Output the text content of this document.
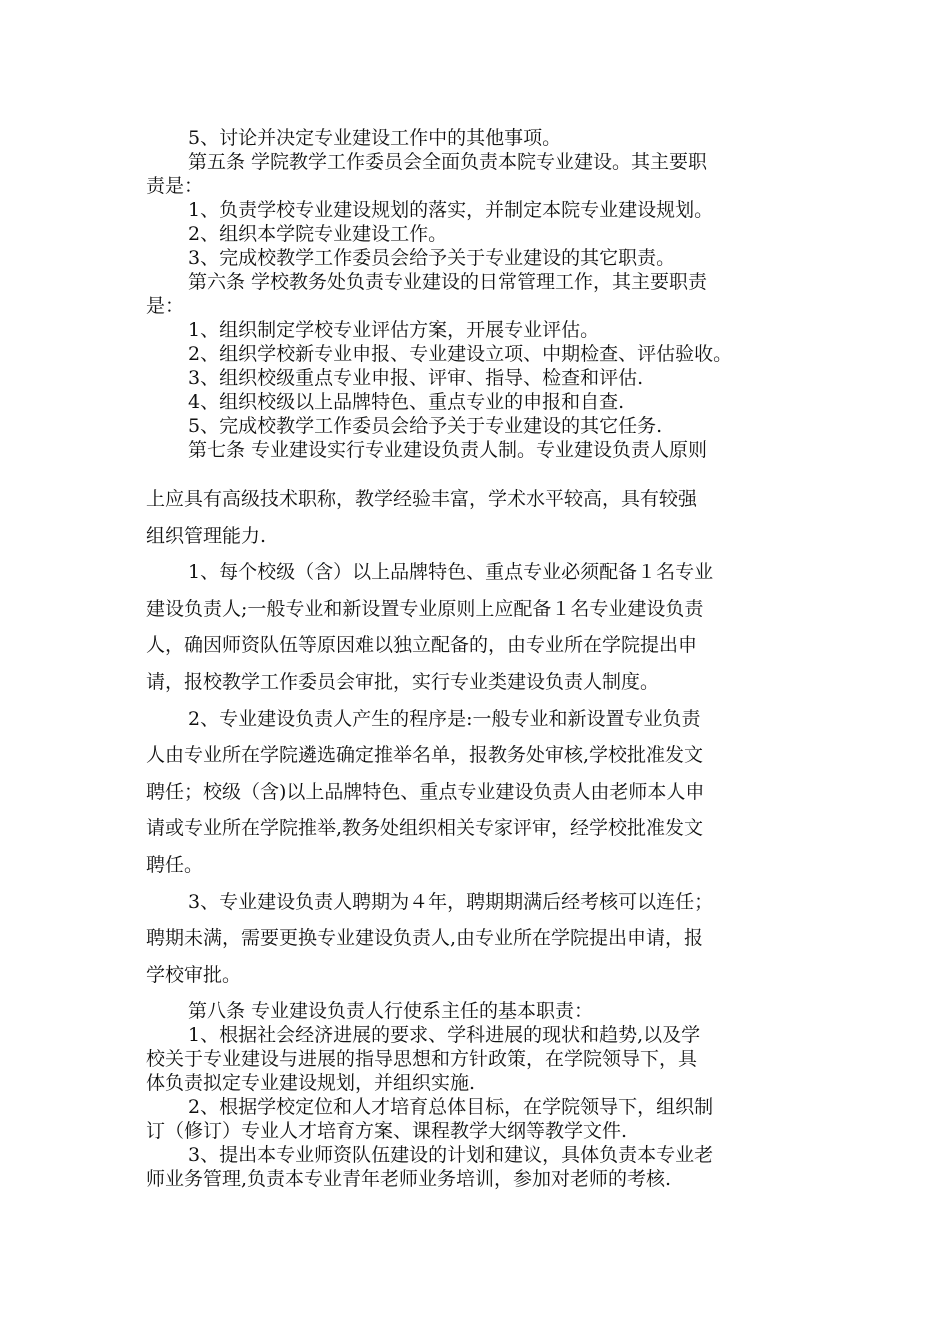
5、讨论并决定专业建设工作中的其他事项。
第五条 学院教学工作委员会全面负责本院专业建设。其主要职
责是：
1、负责学校专业建设规划的落实，并制定本院专业建设规划。
2、组织本学院专业建设工作。
3、完成校教学工作委员会给予关于专业建设的其它职责。
第六条 学校教务处负责专业建设的日常管理工作，其主要职责
是：
1、组织制定学校专业评估方案，开展专业评估。
2、组织学校新专业申报、专业建设立项、中期检查、评估验收。
3、组织校级重点专业申报、评审、指导、检查和评估.
4、组织校级以上品牌特色、重点专业的申报和自查.
5、完成校教学工作委员会给予关于专业建设的其它任务.
第七条 专业建设实行专业建设负责人制。专业建设负责人原则
上应具有高级技术职称，教学经验丰富，学术水平较高，具有较强
组织管理能力.
1、每个校级（含）以上品牌特色、重点专业必须配备１名专业
建设负责人;一般专业和新设置专业原则上应配备１名专业建设负责
人，确因师资队伍等原因难以独立配备的，由专业所在学院提出申
请，报校教学工作委员会审批，实行专业类建设负责人制度。
2、专业建设负责人产生的程序是:一般专业和新设置专业负责
人由专业所在学院遴选确定推举名单，报教务处审核,学校批准发文
聘任；校级（含)以上品牌特色、重点专业建设负责人由老师本人申
请或专业所在学院推举,教务处组织相关专家评审，经学校批准发文
聘任。
3、专业建设负责人聘期为４年，聘期期满后经考核可以连任；
聘期未满，需要更换专业建设负责人,由专业所在学院提出申请，报
学校审批。
第八条 专业建设负责人行使系主任的基本职责：
1、根据社会经济进展的要求、学科进展的现状和趋势,以及学
校关于专业建设与进展的指导思想和方针政策，在学院领导下，具
体负责拟定专业建设规划，并组织实施.
2、根据学校定位和人才培育总体目标，在学院领导下，组织制
订（修订）专业人才培育方案、课程教学大纲等教学文件.
3、提出本专业师资队伍建设的计划和建议，具体负责本专业老
师业务管理,负责本专业青年老师业务培训，参加对老师的考核.
